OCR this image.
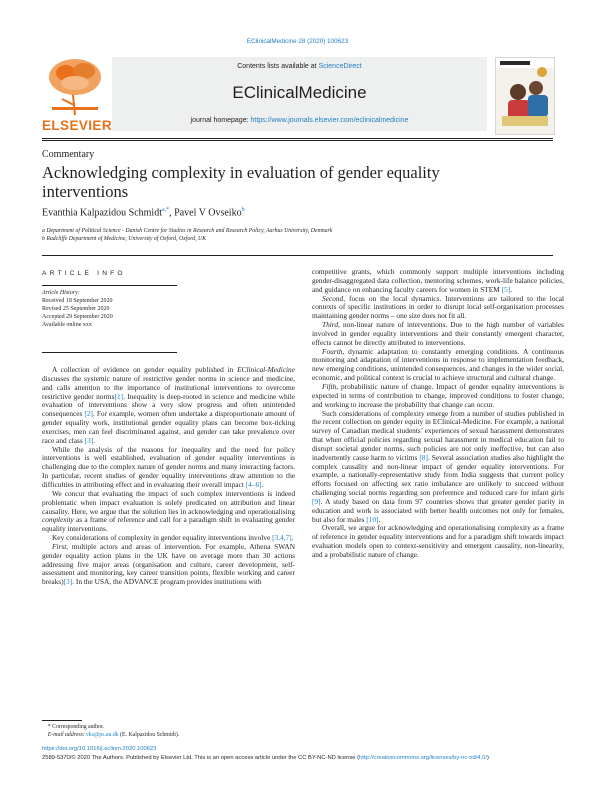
EClinicalMedicine 28 (2020) 100623
ELSEVIER
Contents lists available at ScienceDirect
EClinicalMedicine
journal homepage: https://www.journals.elsevier.com/eclinicalmedicine
Commentary
Acknowledging complexity in evaluation of gender equality interventions
Evanthia Kalpazidou Schmidt$^{a,*}$, Pavel V Ovseiko$^b$
a Department of Political Science - Danish Centre for Studies in Research and Research Policy, Aarhus University, Denmark
b Radcliffe Department of Medicine, University of Oxford, Oxford, UK
ARTICLE INFO
Article History:
Received 18 September 2020
Revised 25 September 2020
Accepted 29 September 2020
Available online xxx

A collection of evidence on gender equality published in EClinical-Medicine discusses the systemic nature of restrictive gender norms in science and medicine, and calls attention to the importance of institutional interventions to overcome restrictive gender norms[1]. Inequality is deep-rooted in science and medicine while evaluation of interventions show a very slow progress and often unintended consequences [2]. For example, women often undertake a disproportionate amount of gender equality work, institutional gender equality plans can become box-ticking exercises, men can feel discriminated against, and gender can take prevalence over race and class [3].

While the analysis of the reasons for inequality and the need for policy interventions is well established, evaluation of gender equality interventions is challenging due to the complex nature of gender norms and many interacting factors. In particular, recent studies of gender equality interventions draw attention to the difficulties in attributing effect and in evaluating their overall impact [4–6].

We concur that evaluating the impact of such complex interventions is indeed problematic when impact evaluation is solely predicated on attribution and linear causality. Here, we argue that the solution lies in acknowledging and operationalising complexity as a frame of reference and call for a paradigm shift in evaluating gender equality interventions.

Key considerations of complexity in gender equality interventions involve [3,4,7].

First, multiple actors and areas of intervention. For example, Athena SWAN gender equality action plans in the UK have on average more than 30 actions addressing five major areas (organisation and culture, career development, self-assessment and monitoring, key career transition points, flexible working and career breaks)[3]. In the USA, the ADVANCE program provides institutions with

competitive grants, which commonly support multiple interventions including gender-disaggregated data collection, mentoring schemes, work-life balance policies, and guidance on enhancing faculty careers for women in STEM [5].

Second, focus on the local dynamics. Interventions are tailored to the local contexts of specific institutions in order to disrupt local self-organisation processes maintaining gender norms – one size does not fit all.

Third, non-linear nature of interventions. Due to the high number of variables involved in gender equality interventions and their constantly emergent character, effects cannot be directly attributed to interventions.

Fourth, dynamic adaptation to constantly emerging conditions. A continuous monitoring and adaptation of interventions in response to implementation feedback, new emerging conditions, unintended consequences, and changes in the wider social, economic, and political context is crucial to achieve structural and cultural change.

Fifth, probabilistic nature of change. Impact of gender equality interventions is expected in terms of contribution to change, improved conditions to foster change, and working to increase the probability that change can occur.

Such considerations of complexity emerge from a number of studies published in the recent collection on gender equity in EClinical-Medicine. For example, a national survey of Canadian medical students’ experiences of sexual harassment demonstrates that when official policies regarding sexual harassment in medical education fail to disrupt societal gender norms, such policies are not only ineffective, but can also inadvertently cause harm to victims [8]. Several association studies also highlight the complex causality and non-linear impact of gender equality interventions. For example, a nationally-representative study from India suggests that current policy efforts focused on affecting sex ratio imbalance are unlikely to succeed without challenging social norms regarding son preference and reduced care for infant girls [9]. A study based on data from 97 countries shows that greater gender parity in education and work is associated with better health outcomes not only for females, but also for males [10].

Overall, we argue for acknowledging and operationalising complexity as a frame of reference in gender equality interventions and for a paradigm shift towards impact evaluation models open to context-sensitivity and emergent causality, non-linearity, and a probabilistic nature of change.

* Corresponding author.
E-mail address: eks@ps.au.dk (E. Kalpazidou Schmidt).
https://doi.org/10.1016/j.eclinm.2020.100623
2589-5370/© 2020 The Authors. Published by Elsevier Ltd. This is an open access article under the CC BY-NC-ND license (http://creativecommons.org/licenses/by-nc-nd/4.0/)
